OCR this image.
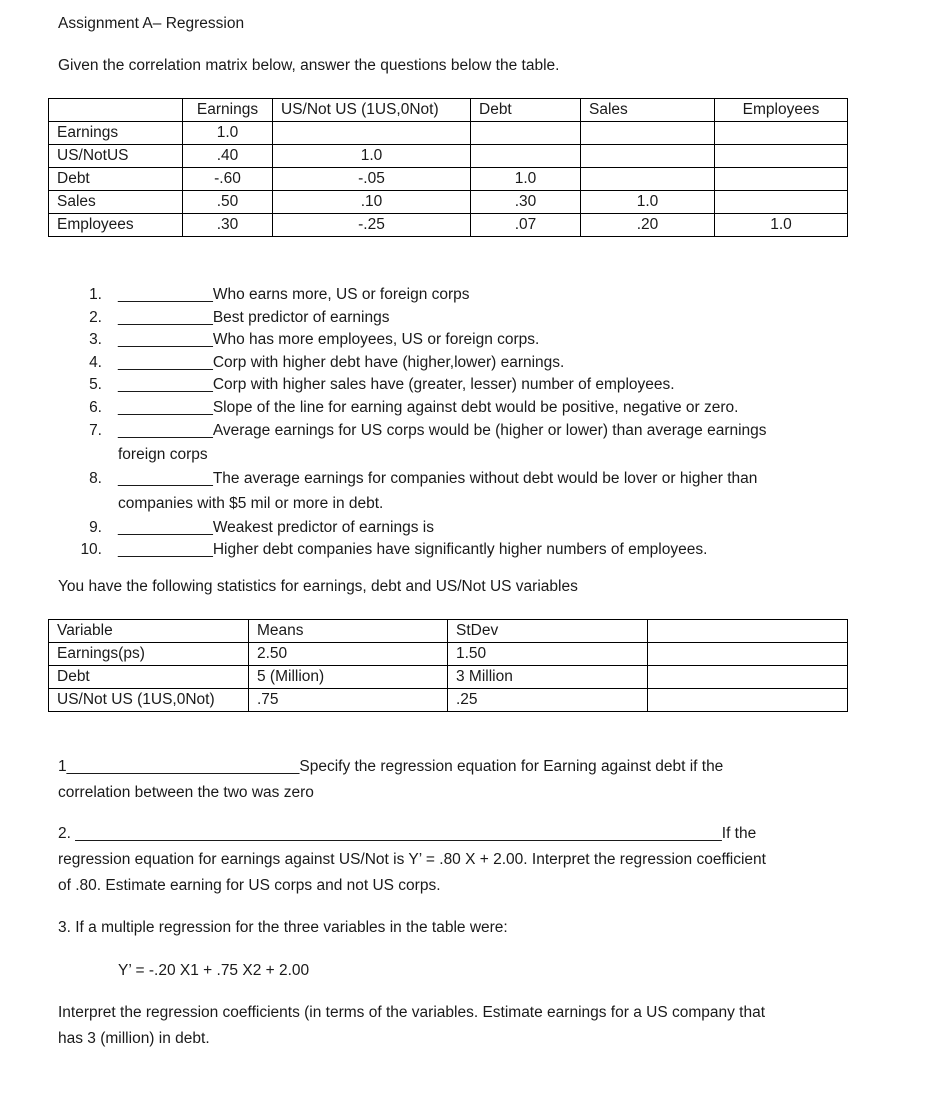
Assignment A– Regression
Given the correlation matrix below, answer the questions below the table.
	Earnings	US/Not US (1US,0Not)	Debt	Sales	Employees
Earnings	1.0				
US/NotUS	.40	1.0			
Debt	-.60	-.05	1.0		
Sales	.50	.10	.30	1.0	
Employees	.30	-.25	.07	.20	1.0
1. ___________Who earns more, US or foreign corps
2. ___________Best predictor of earnings
3. ___________Who has more employees, US or foreign corps.
4. ___________Corp with higher debt have (higher,lower) earnings.
5. ___________Corp with higher sales have (greater, lesser) number of employees.
6. ___________Slope of the line for earning against debt would be positive, negative or zero.
7. ___________Average earnings for US corps would be (higher or lower) than average earnings
foreign corps
8. ___________The average earnings for companies without debt would be lover or higher than
companies with $5 mil or more in debt.
9. ___________Weakest predictor of earnings is
10. ___________Higher debt companies have significantly higher numbers of employees.
You have the following statistics for earnings, debt and US/Not US variables
Variable	Means	StDev	
Earnings(ps)	2.50	1.50	
Debt	5 (Million)	3 Million	
US/Not US (1US,0Not)	.75	.25	
1___________________________Specify the regression equation for Earning against debt if the
correlation between the two was zero
2. ___________________________________________________________________________If the
regression equation for earnings against US/Not is Y’ = .80 X + 2.00. Interpret the regression coefficient
of .80. Estimate earning for US corps and not US corps.
3. If a multiple regression for the three variables in the table were:
Y’ = -.20 X1 + .75 X2 + 2.00
Interpret the regression coefficients (in terms of the variables. Estimate earnings for a US company that
has 3 (million) in debt.
